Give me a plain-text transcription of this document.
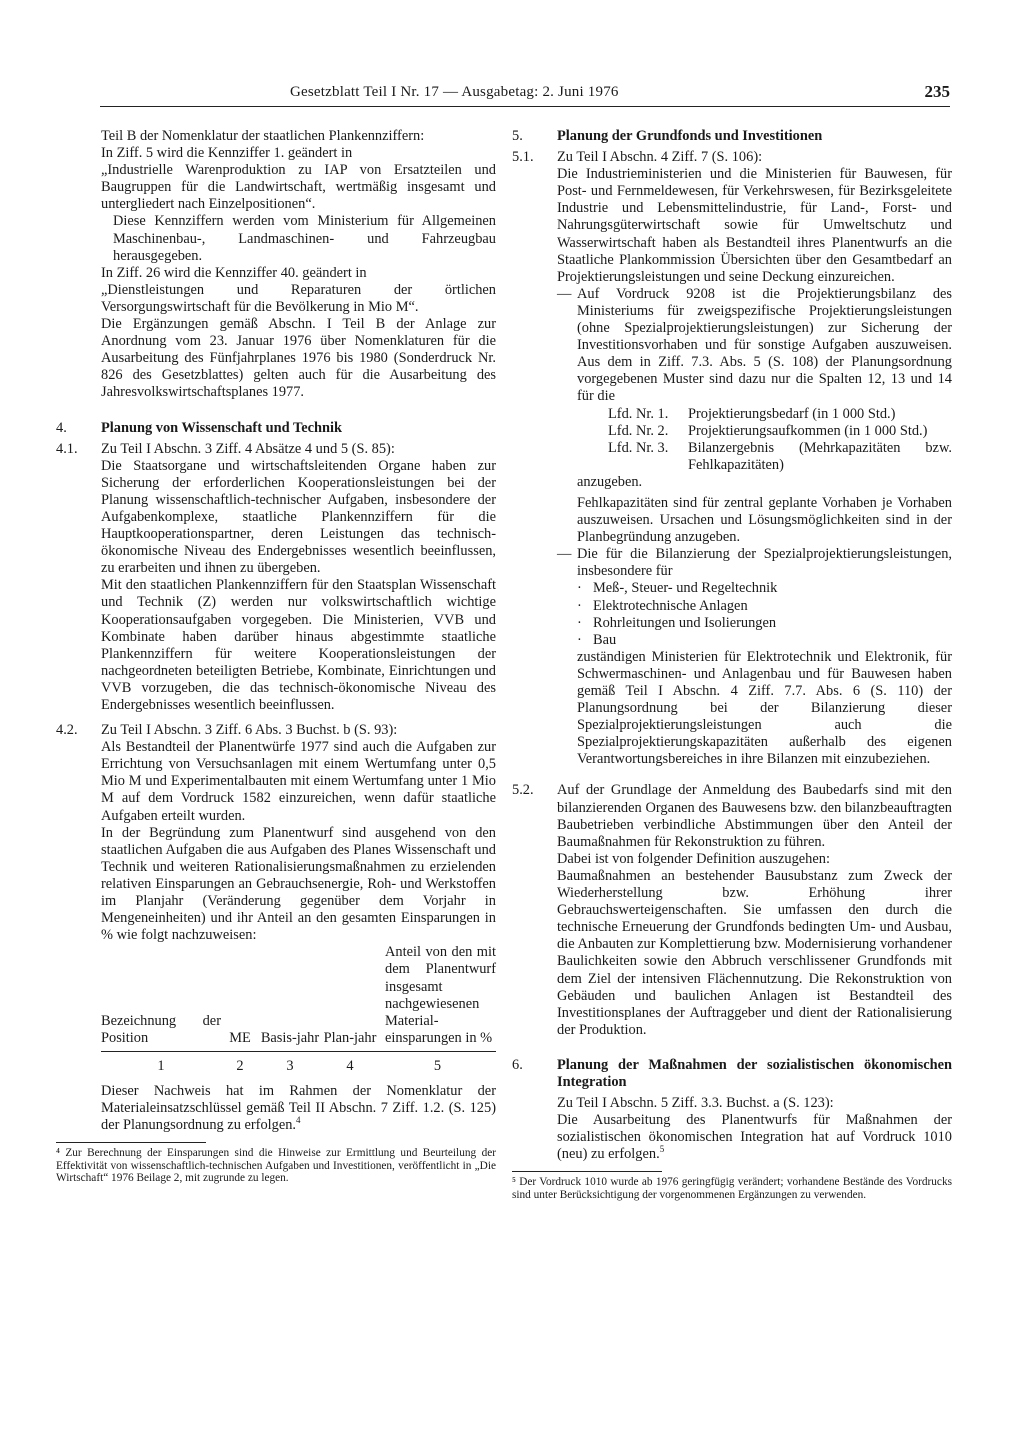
Gesetzblatt Teil I Nr. 17 — Ausgabetag: 2. Juni 1976	235

Teil B der Nomenklatur der staatlichen Plankennziffern:

In Ziff. 5 wird die Kennziffer 1. geändert in

„Industrielle Warenproduktion zu IAP von Ersatzteilen und Baugruppen für die Landwirtschaft, wertmäßig insgesamt und untergliedert nach Einzelpositionen“.

Diese Kennziffern werden vom Ministerium für Allgemeinen Maschinenbau-, Landmaschinen- und Fahrzeugbau herausgegeben.

In Ziff. 26 wird die Kennziffer 40. geändert in

„Dienstleistungen und Reparaturen der örtlichen Versorgungswirtschaft für die Bevölkerung in Mio M“.

Die Ergänzungen gemäß Abschn. I Teil B der Anlage zur Anordnung vom 23. Januar 1976 über Nomenklaturen für die Ausarbeitung des Fünfjahrplanes 1976 bis 1980 (Sonderdruck Nr. 826 des Gesetzblattes) gelten auch für die Ausarbeitung des Jahresvolkswirtschaftsplanes 1977.

4.	Planung von Wissenschaft und Technik
4.1.	Zu Teil I Abschn. 3 Ziff. 4 Absätze 4 und 5 (S. 85):

Die Staatsorgane und wirtschaftsleitenden Organe haben zur Sicherung der erforderlichen Kooperationsleistungen bei der Planung wissenschaftlich-technischer Aufgaben, insbesondere der Aufgabenkomplexe, staatliche Plankennziffern für die Hauptkooperationspartner, deren Leistungen das technisch-ökonomische Niveau des Endergebnisses wesentlich beeinflussen, zu erarbeiten und ihnen zu übergeben.

Mit den staatlichen Plankennziffern für den Staatsplan Wissenschaft und Technik (Z) werden nur volkswirtschaftlich wichtige Kooperationsaufgaben vorgegeben. Die Ministerien, VVB und Kombinate haben darüber hinaus abgestimmte staatliche Plankennziffern für weitere Kooperationsleistungen der nachgeordneten beteiligten Betriebe, Kombinate, Einrichtungen und VVB vorzugeben, die das technisch-ökonomische Niveau des Endergebnisses wesentlich beeinflussen.

4.2.	Zu Teil I Abschn. 3 Ziff. 6 Abs. 3 Buchst. b (S. 93):

Als Bestandteil der Planentwürfe 1977 sind auch die Aufgaben zur Errichtung von Versuchsanlagen mit einem Wertumfang unter 0,5 Mio M und Experimentalbauten mit einem Wertumfang unter 1 Mio M auf dem Vordruck 1582 einzureichen, wenn dafür staatliche Aufgaben erteilt wurden.

In der Begründung zum Planentwurf sind ausgehend von den staatlichen Aufgaben die aus Aufgaben des Planes Wissenschaft und Technik und weiteren Rationalisierungsmaßnahmen zu erzielenden relativen Einsparungen an Gebrauchsenergie, Roh- und Werkstoffen im Planjahr (Veränderung gegenüber dem Vorjahr in Mengeneinheiten) und ihr Anteil an den gesamten Einsparungen in % wie folgt nachzuweisen:

Bezeichnung der Position	ME	Basis-jahr	Plan-jahr	Anteil von den mit dem Planentwurf insgesamt nachgewiesenen Material-einsparungen in %
1	2	3	4	5

Dieser Nachweis hat im Rahmen der Nomenklatur der Materialeinsatzschlüssel gemäß Teil II Abschn. 7 Ziff. 1.2. (S. 125) der Planungsordnung zu erfolgen.$^4$

⁴ Zur Berechnung der Einsparungen sind die Hinweise zur Ermittlung und Beurteilung der Effektivität von wissenschaftlich-technischen Aufgaben und Investitionen, veröffentlicht in „Die Wirtschaft“ 1976 Beilage 2, mit zugrunde zu legen.

5.	Planung der Grundfonds und Investitionen
5.1.	Zu Teil I Abschn. 4 Ziff. 7 (S. 106):

Die Industrieministerien und die Ministerien für Bauwesen, für Post- und Fernmeldewesen, für Verkehrswesen, für Bezirksgeleitete Industrie und Lebensmittelindustrie, für Land-, Forst- und Nahrungsgüterwirtschaft sowie für Umweltschutz und Wasserwirtschaft haben als Bestandteil ihres Planentwurfs an die Staatliche Plankommission Übersichten über den Gesamtbedarf an Projektierungsleistungen und seine Deckung einzureichen.

— Auf Vordruck 9208 ist die Projektierungsbilanz des Ministeriums für zweigspezifische Projektierungsleistungen (ohne Spezialprojektierungsleistungen) zur Sicherung der Investitionsvorhaben und für sonstige Aufgaben auszuweisen. Aus dem in Ziff. 7.3. Abs. 5 (S. 108) der Planungsordnung vorgegebenen Muster sind dazu nur die Spalten 12, 13 und 14 für die
Lfd. Nr. 1.	Projektierungsbedarf (in 1 000 Std.)
Lfd. Nr. 2.	Projektierungsaufkommen (in 1 000 Std.)
Lfd. Nr. 3.	Bilanzergebnis (Mehrkapazitäten bzw. Fehlkapazitäten)

anzugeben.

Fehlkapazitäten sind für zentral geplante Vorhaben je Vorhaben auszuweisen. Ursachen und Lösungsmöglichkeiten sind in der Planbegründung anzugeben.

— Die für die Bilanzierung der Spezialprojektierungsleistungen, insbesondere für
· Meß-, Steuer- und Regeltechnik
· Elektrotechnische Anlagen
· Rohrleitungen und Isolierungen
· Bau

zuständigen Ministerien für Elektrotechnik und Elektronik, für Schwermaschinen- und Anlagenbau und für Bauwesen haben gemäß Teil I Abschn. 4 Ziff. 7.7. Abs. 6 (S. 110) der Planungsordnung bei der Bilanzierung dieser Spezialprojektierungsleistungen auch die Spezialprojektierungskapazitäten außerhalb des eigenen Verantwortungsbereiches in ihre Bilanzen mit einzubeziehen.

5.2.	Auf der Grundlage der Anmeldung des Baubedarfs sind mit den bilanzierenden Organen des Bauwesens bzw. den bilanzbeauftragten Baubetrieben verbindliche Abstimmungen über den Anteil der Baumaßnahmen für Rekonstruktion zu führen.

Dabei ist von folgender Definition auszugehen:

Baumaßnahmen an bestehender Bausubstanz zum Zweck der Wiederherstellung bzw. Erhöhung ihrer Gebrauchswerteigenschaften. Sie umfassen den durch die technische Erneuerung der Grundfonds bedingten Um- und Ausbau, die Anbauten zur Komplettierung bzw. Modernisierung vorhandener Baulichkeiten sowie den Abbruch verschlissener Grundfonds mit dem Ziel der intensiven Flächennutzung. Die Rekonstruktion von Gebäuden und baulichen Anlagen ist Bestandteil des Investitionsplanes der Auftraggeber und dient der Rationalisierung der Produktion.

6.	Planung der Maßnahmen der sozialistischen ökonomischen Integration

Zu Teil I Abschn. 5 Ziff. 3.3. Buchst. a (S. 123):

Die Ausarbeitung des Planentwurfs für Maßnahmen der sozialistischen ökonomischen Integration hat auf Vordruck 1010 (neu) zu erfolgen.$^5$

⁵ Der Vordruck 1010 wurde ab 1976 geringfügig verändert; vorhandene Bestände des Vordrucks sind unter Berücksichtigung der vorgenommenen Ergänzungen zu verwenden.
